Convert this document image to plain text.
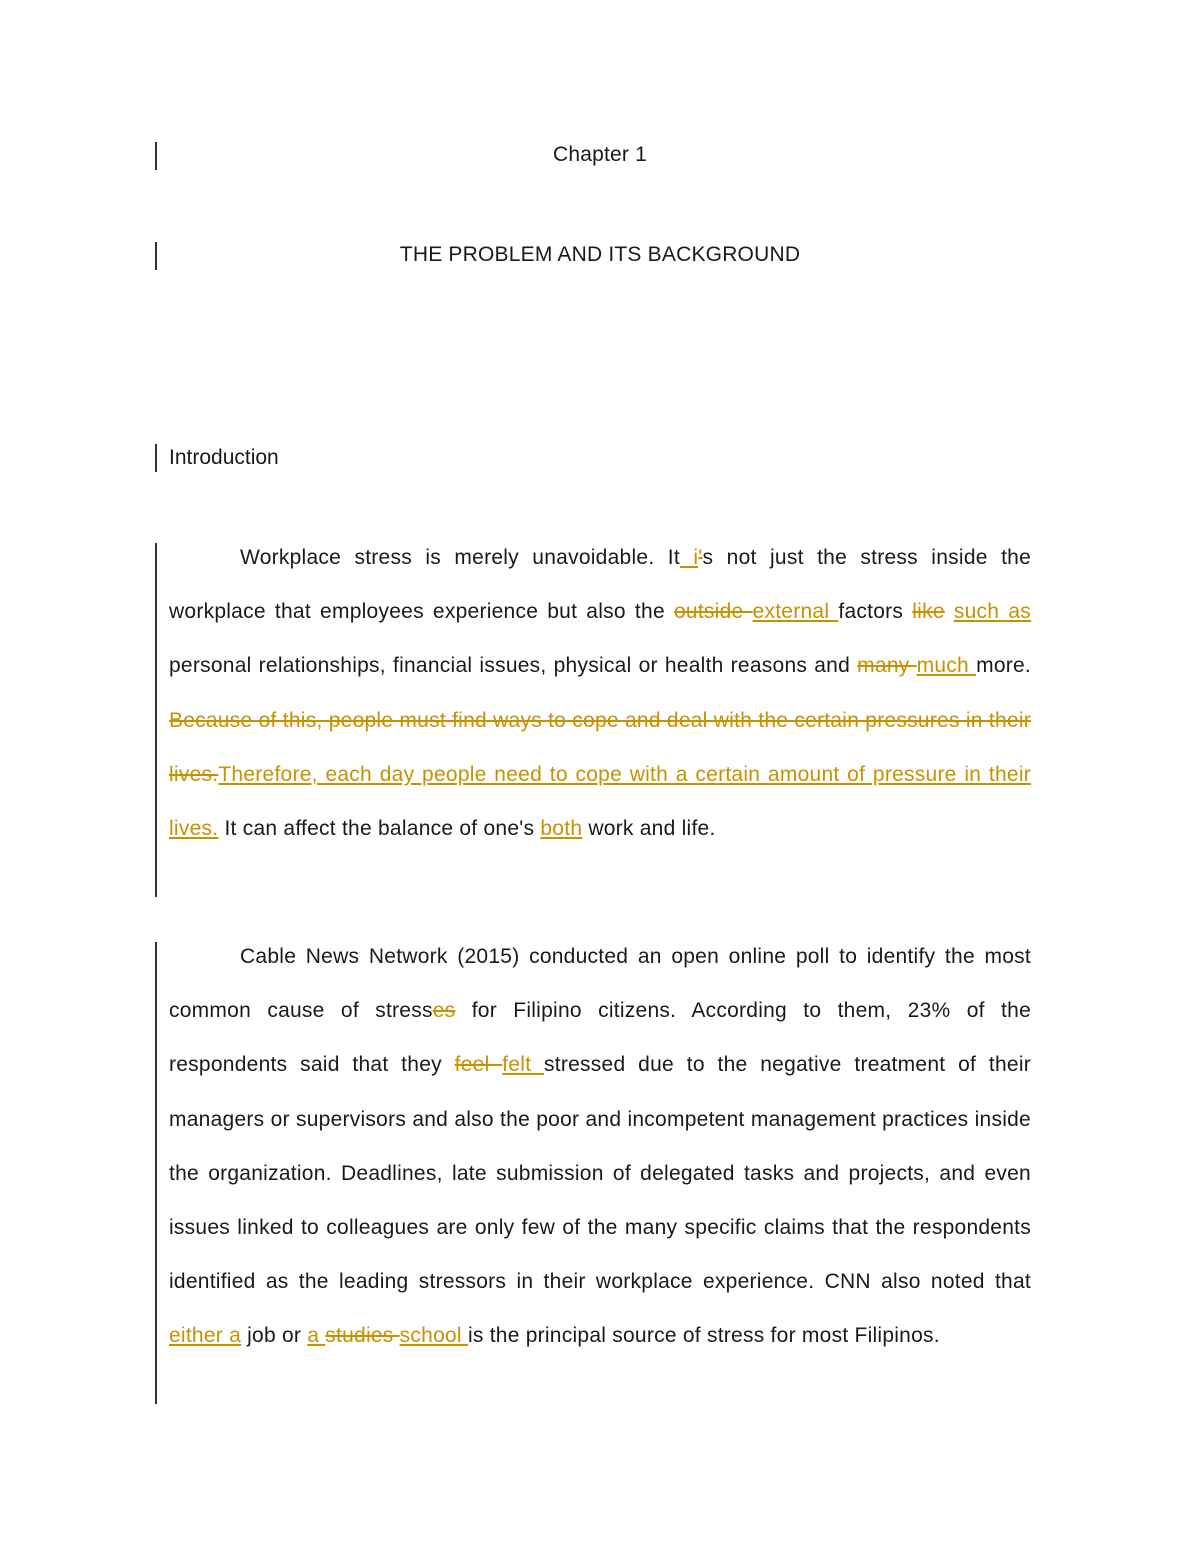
Chapter 1
THE PROBLEM AND ITS BACKGROUND
Introduction
Workplace stress is merely unavoidable. It i's not just the stress inside the workplace that employees experience but also the outside external factors like such as personal relationships, financial issues, physical or health reasons and many much more. Because of this, people must find ways to cope and deal with the certain pressures in their lives.Therefore, each day people need to cope with a certain amount of pressure in their lives. It can affect the balance of one's both work and life.
Cable News Network (2015) conducted an open online poll to identify the most common cause of stresses for Filipino citizens. According to them, 23% of the respondents said that they feel felt stressed due to the negative treatment of their managers or supervisors and also the poor and incompetent management practices inside the organization. Deadlines, late submission of delegated tasks and projects, and even issues linked to colleagues are only few of the many specific claims that the respondents identified as the leading stressors in their workplace experience. CNN also noted that either a job or a studies school is the principal source of stress for most Filipinos.
